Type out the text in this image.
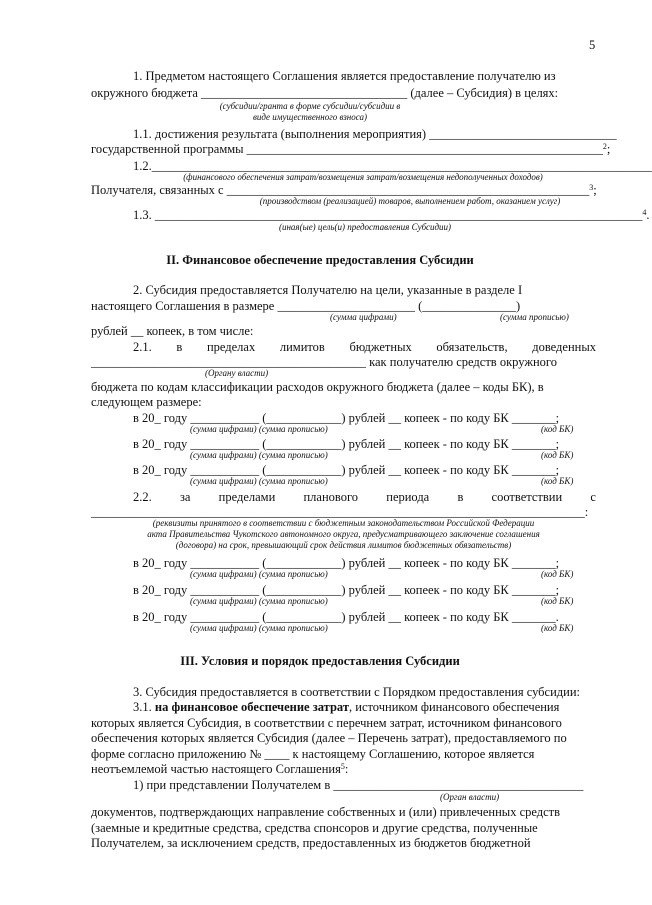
5
1. Предметом настоящего Соглашения является предоставление получателю из
окружного бюджета _________________________________ (далее – Субсидия) в целях:
(субсидии/гранта в форме субсидии/субсидии в
виде имущественного взноса)
1.1. достижения результата (выполнения мероприятия) ______________________________
государственной программы _________________________________________________________$^2$;
1.2.________________________________________________________________________________
(финансового обеспечения затрат/возмещения затрат/возмещения недополученных доходов)
Получателя, связанных с __________________________________________________________$^3$;
(производством (реализацией) товаров, выполнением работ, оказанием услуг)
1.3. ______________________________________________________________________________$^4$.
(иная(ые) цель(и) предоставления Субсидии)
II. Финансовое обеспечение предоставления Субсидии
2. Субсидия предоставляется Получателю на цели, указанные в разделе I
настоящего Соглашения в размере ______________________ (_______________)
(сумма цифрами)	(сумма прописью)
рублей __ копеек, в том числе:
2.1. в пределах лимитов бюджетных обязательств, доведенных
____________________________________________ как получателю средств окружного
(Органу власти)
бюджета по кодам классификации расходов окружного бюджета (далее – коды БК), в
следующем размере:
в 20_ году ___________ (____________) рублей __ копеек - по коду БК _______;
(сумма цифрами) (сумма прописью)	(код БК)
в 20_ году ___________ (____________) рублей __ копеек - по коду БК _______;
(сумма цифрами) (сумма прописью)	(код БК)
в 20_ году ___________ (____________) рублей __ копеек - по коду БК _______;
(сумма цифрами) (сумма прописью)	(код БК)
2.2. за пределами планового периода в соответствии с
_______________________________________________________________________________:
(реквизиты принятого в соответствии с бюджетным законодательством Российской Федерации
акта Правительства Чукотского автономного округа, предусматривающего заключение соглашения
(договора) на срок, превышающий срок действия лимитов бюджетных обязательств)
в 20_ году ___________ (____________) рублей __ копеек - по коду БК _______;
(сумма цифрами) (сумма прописью)	(код БК)
в 20_ году ___________ (____________) рублей __ копеек - по коду БК _______;
(сумма цифрами) (сумма прописью)	(код БК)
в 20_ году ___________ (____________) рублей __ копеек - по коду БК _______.
(сумма цифрами) (сумма прописью)	(код БК)
III. Условия и порядок предоставления Субсидии
3. Субсидия предоставляется в соответствии с Порядком предоставления субсидии:
3.1. на финансовое обеспечение затрат, источником финансового обеспечения
которых является Субсидия, в соответствии с перечнем затрат, источником финансового
обеспечения которых является Субсидия (далее – Перечень затрат), предоставляемого по
форме согласно приложению № ____ к настоящему Соглашению, которое является
неотъемлемой частью настоящего Соглашения$^5$:
1) при представлении Получателем в ________________________________________
(Орган власти)
документов, подтверждающих направление собственных и (или) привлеченных средств
(заемные и кредитные средства, средства спонсоров и другие средства, полученные
Получателем, за исключением средств, предоставленных из бюджетов бюджетной
